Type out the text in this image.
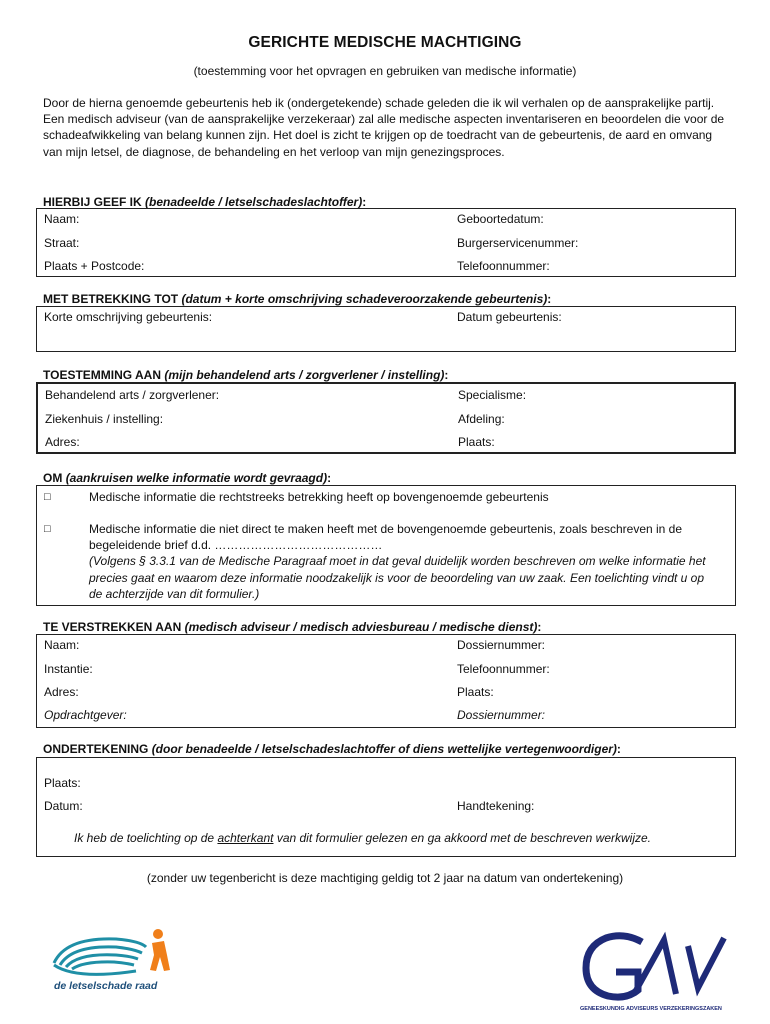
GERICHTE MEDISCHE MACHTIGING
(toestemming voor het opvragen en gebruiken van medische informatie)
Door de hierna genoemde gebeurtenis heb ik (ondergetekende) schade geleden die ik wil verhalen op de aansprakelijke partij. Een medisch adviseur (van de aansprakelijke verzekeraar) zal alle medische aspecten inventariseren en beoordelen die voor de schadeafwikkeling van belang kunnen zijn. Het doel is zicht te krijgen op de toedracht van de gebeurtenis, de aard en omvang van mijn letsel, de diagnose, de behandeling en het verloop van mijn genezingsproces.
HIERBIJ GEEF IK (benadeelde / letselschadeslachtoffer):
Naam:	Geboortedatum:
Straat:	Burgerservicenummer:
Plaats + Postcode:	Telefoonnummer:
MET BETREKKING TOT (datum + korte omschrijving schadeveroorzakende gebeurtenis):
Korte omschrijving gebeurtenis:	Datum gebeurtenis:
TOESTEMMING AAN (mijn behandelend arts / zorgverlener / instelling):
Behandelend arts / zorgverlener:	Specialisme:
Ziekenhuis / instelling:	Afdeling:
Adres:	Plaats:
OM (aankruisen welke informatie wordt gevraagd):
□	Medische informatie die rechtstreeks betrekking heeft op bovengenoemde gebeurtenis
□	Medische informatie die niet direct te maken heeft met de bovengenoemde gebeurtenis, zoals beschreven in de begeleidende brief d.d. ……………………………………
(Volgens § 3.3.1 van de Medische Paragraaf moet in dat geval duidelijk worden beschreven om welke informatie het precies gaat en waarom deze informatie noodzakelijk is voor de beoordeling van uw zaak. Een toelichting vindt u op de achterzijde van dit formulier.)
TE VERSTREKKEN AAN (medisch adviseur / medisch adviesbureau / medische dienst):
Naam:	Dossiernummer:
Instantie:	Telefoonnummer:
Adres:	Plaats:
Opdrachtgever:	Dossiernummer:
ONDERTEKENING (door benadeelde / letselschadeslachtoffer of diens wettelijke vertegenwoordiger):
Plaats:
Datum:	Handtekening:
Ik heb de toelichting op de achterkant van dit formulier gelezen en ga akkoord met de beschreven werkwijze.
(zonder uw tegenbericht is deze machtiging geldig tot 2 jaar na datum van ondertekening)
de letselschade raad
GENEESKUNDIG ADVISEURS VERZEKERINGSZAKEN
